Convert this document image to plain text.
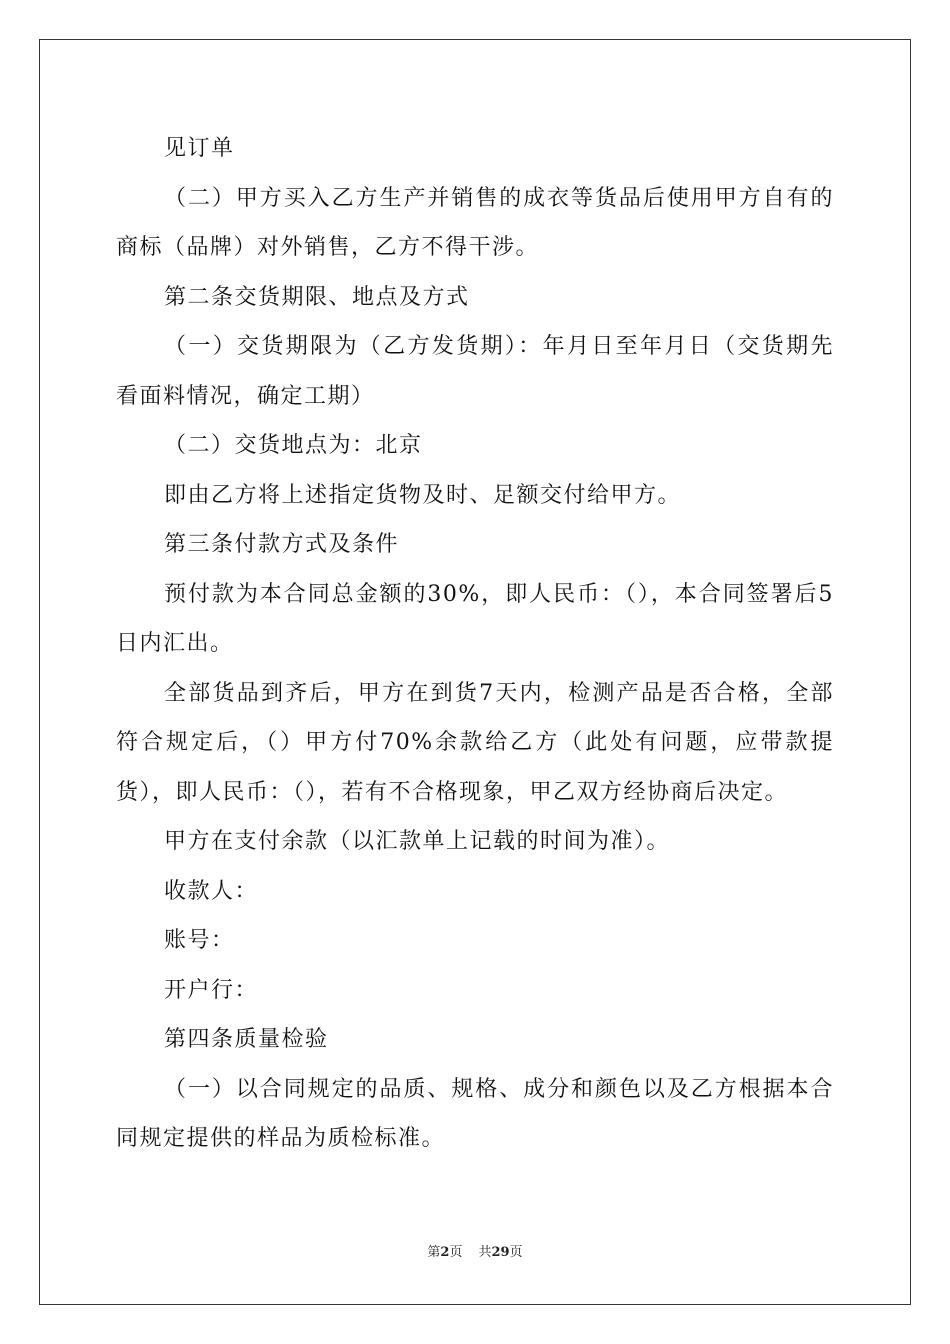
见订单

（二）甲方买入乙方生产并销售的成衣等货品后使用甲方自有的商标（品牌）对外销售，乙方不得干涉。

第二条交货期限、地点及方式

（一）交货期限为（乙方发货期）：年月日至年月日（交货期先看面料情况，确定工期）

（二）交货地点为：北京

即由乙方将上述指定货物及时、足额交付给甲方。

第三条付款方式及条件

预付款为本合同总金额的30%，即人民币：（），本合同签署后5日内汇出。

全部货品到齐后，甲方在到货7天内，检测产品是否合格，全部符合规定后，（）甲方付70%余款给乙方（此处有问题，应带款提货），即人民币：（），若有不合格现象，甲乙双方经协商后决定。

甲方在支付余款（以汇款单上记载的时间为准）。

收款人：

账号：

开户行：

第四条质量检验

（一）以合同规定的品质、规格、成分和颜色以及乙方根据本合同规定提供的样品为质检标准。

第2页 共29页
